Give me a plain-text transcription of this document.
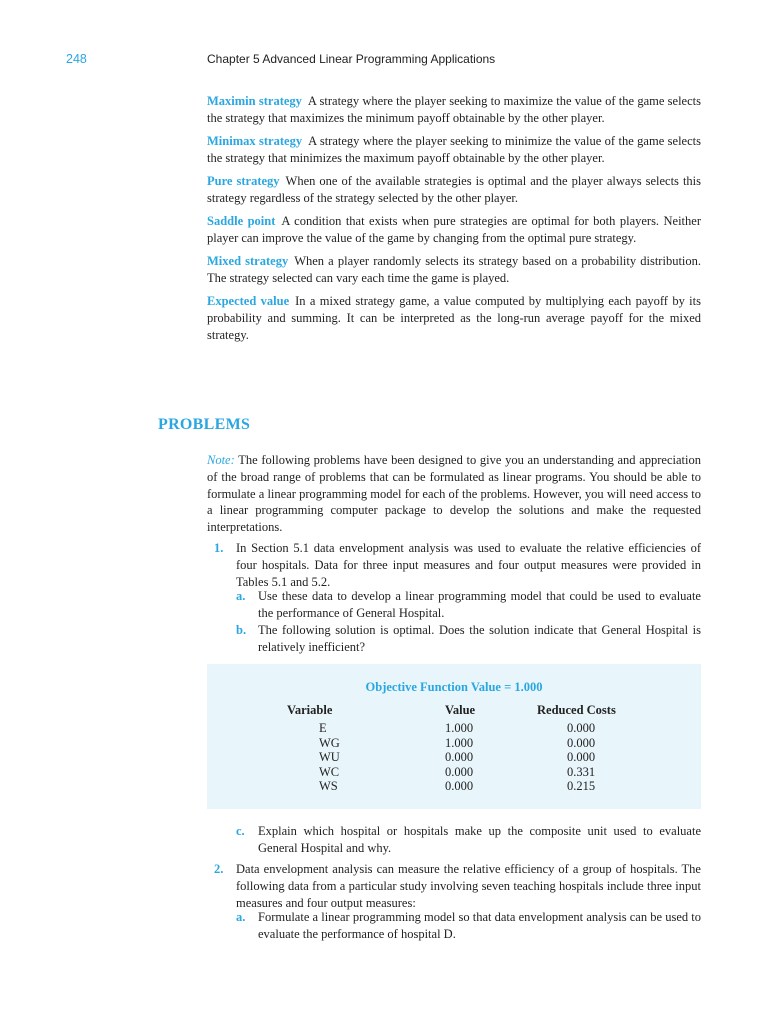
248	Chapter 5 Advanced Linear Programming Applications

Maximin strategy A strategy where the player seeking to maximize the value of the game selects the strategy that maximizes the minimum payoff obtainable by the other player.

Minimax strategy A strategy where the player seeking to minimize the value of the game selects the strategy that minimizes the maximum payoff obtainable by the other player.

Pure strategy When one of the available strategies is optimal and the player always selects this strategy regardless of the strategy selected by the other player.

Saddle point A condition that exists when pure strategies are optimal for both players. Neither player can improve the value of the game by changing from the optimal pure strategy.

Mixed strategy When a player randomly selects its strategy based on a probability distribution. The strategy selected can vary each time the game is played.

Expected value In a mixed strategy game, a value computed by multiplying each payoff by its probability and summing. It can be interpreted as the long-run average payoff for the mixed strategy.

PROBLEMS

Note: The following problems have been designed to give you an understanding and appreciation of the broad range of problems that can be formulated as linear programs. You should be able to formulate a linear programming model for each of the problems. However, you will need access to a linear programming computer package to develop the solutions and make the requested interpretations.

1. In Section 5.1 data envelopment analysis was used to evaluate the relative efficiencies of four hospitals. Data for three input measures and four output measures were provided in Tables 5.1 and 5.2.
a. Use these data to develop a linear programming model that could be used to evaluate the performance of General Hospital.
b. The following solution is optimal. Does the solution indicate that General Hospital is relatively inefficient?
Objective Function Value = 1.000
Variable	Value	Reduced Costs
E	1.000	0.000
WG	1.000	0.000
WU	0.000	0.000
WC	0.000	0.331
WS	0.000	0.215
c. Explain which hospital or hospitals make up the composite unit used to evaluate General Hospital and why.
2. Data envelopment analysis can measure the relative efficiency of a group of hospitals. The following data from a particular study involving seven teaching hospitals include three input measures and four output measures:
a. Formulate a linear programming model so that data envelopment analysis can be used to evaluate the performance of hospital D.
